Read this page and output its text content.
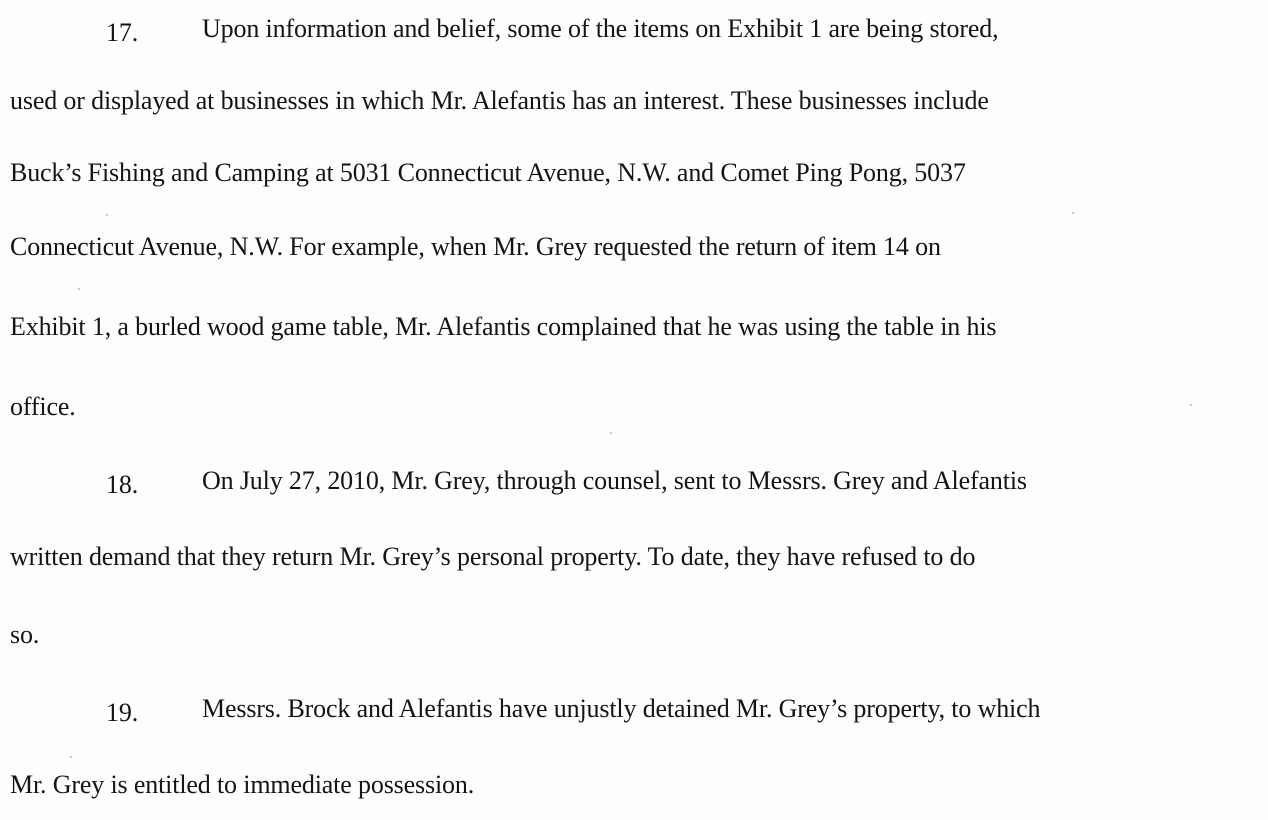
17. Upon information and belief, some of the items on Exhibit 1 are being stored,
used or displayed at businesses in which Mr. Alefantis has an interest. These businesses include
Buck’s Fishing and Camping at 5031 Connecticut Avenue, N.W. and Comet Ping Pong, 5037
Connecticut Avenue, N.W. For example, when Mr. Grey requested the return of item 14 on
Exhibit 1, a burled wood game table, Mr. Alefantis complained that he was using the table in his
office.
18. On July 27, 2010, Mr. Grey, through counsel, sent to Messrs. Grey and Alefantis
written demand that they return Mr. Grey’s personal property. To date, they have refused to do
so.
19. Messrs. Brock and Alefantis have unjustly detained Mr. Grey’s property, to which
Mr. Grey is entitled to immediate possession.
